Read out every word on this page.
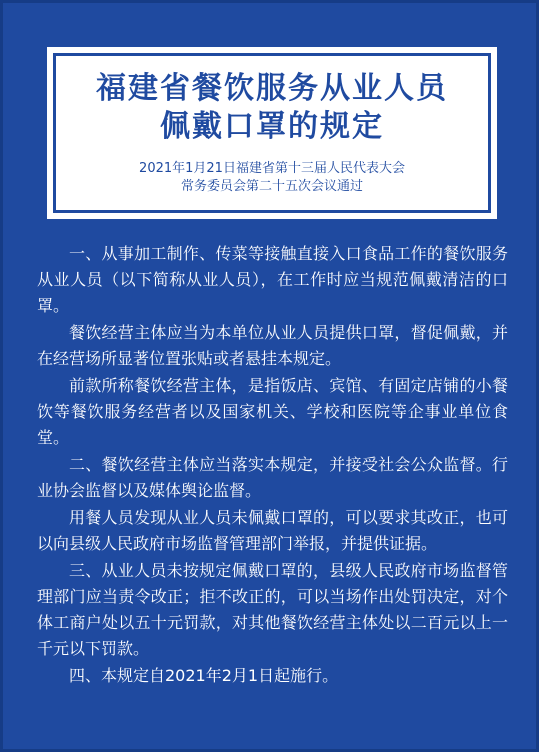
福建省餐饮服务从业人员
佩戴口罩的规定
2021年1月21日福建省第十三届人民代表大会
常务委员会第二十五次会议通过

一、从事加工制作、传菜等接触直接入口食品工作的餐饮服务从业人员（以下简称从业人员），在工作时应当规范佩戴清洁的口罩。

餐饮经营主体应当为本单位从业人员提供口罩，督促佩戴，并在经营场所显著位置张贴或者悬挂本规定。

前款所称餐饮经营主体，是指饭店、宾馆、有固定店铺的小餐饮等餐饮服务经营者以及国家机关、学校和医院等企事业单位食堂。

二、餐饮经营主体应当落实本规定，并接受社会公众监督。行业协会监督以及媒体舆论监督。

用餐人员发现从业人员未佩戴口罩的，可以要求其改正，也可以向县级人民政府市场监督管理部门举报，并提供证据。

三、从业人员未按规定佩戴口罩的，县级人民政府市场监督管理部门应当责令改正；拒不改正的，可以当场作出处罚决定，对个体工商户处以五十元罚款，对其他餐饮经营主体处以二百元以上一千元以下罚款。

四、本规定自2021年2月1日起施行。
